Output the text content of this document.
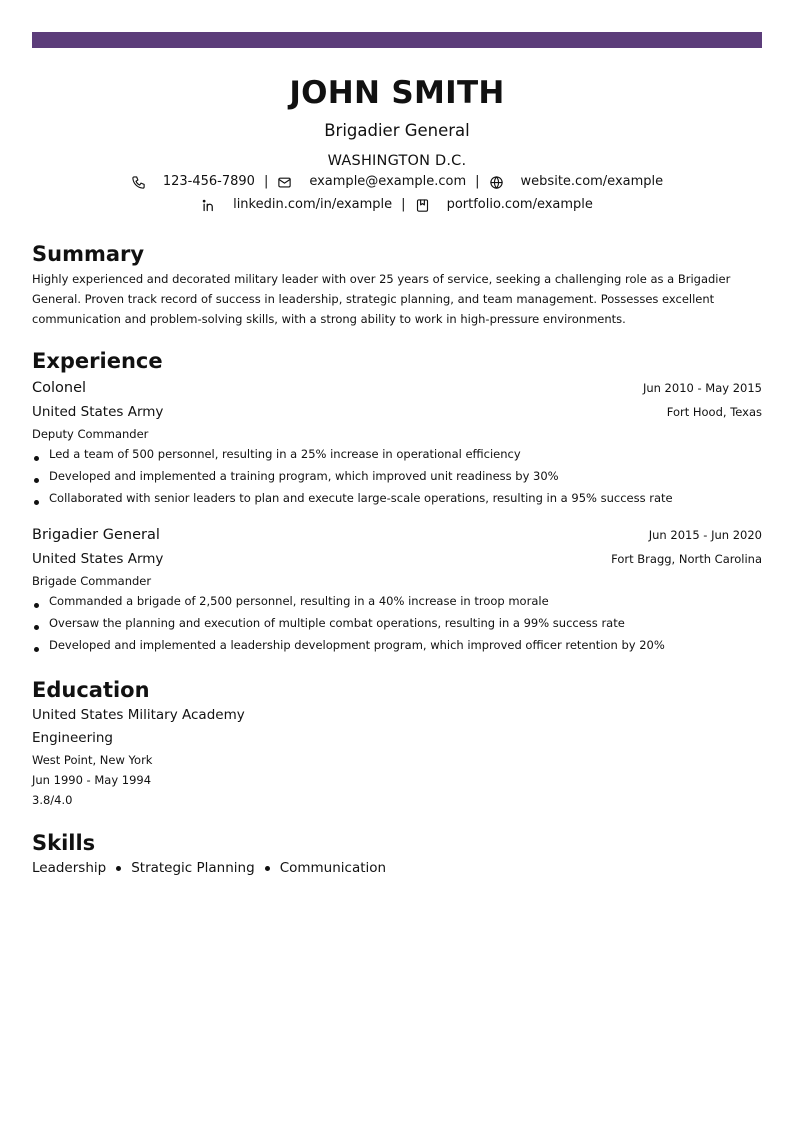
JOHN SMITH
Brigadier General
WASHINGTON D.C.
123-456-7890 |	example@example.com |	website.com/example
linkedin.com/in/example |	portfolio.com/example
Summary
Highly experienced and decorated military leader with over 25 years of service, seeking a challenging role as a Brigadier General. Proven track record of success in leadership, strategic planning, and team management. Possesses excellent communication and problem-solving skills, with a strong ability to work in high-pressure environments.
Experience
Colonel	Jun 2010 - May 2015
United States Army	Fort Hood, Texas
Deputy Commander
Led a team of 500 personnel, resulting in a 25% increase in operational efficiency
Developed and implemented a training program, which improved unit readiness by 30%
Collaborated with senior leaders to plan and execute large-scale operations, resulting in a 95% success rate
Brigadier General	Jun 2015 - Jun 2020
United States Army	Fort Bragg, North Carolina
Brigade Commander
Commanded a brigade of 2,500 personnel, resulting in a 40% increase in troop morale
Oversaw the planning and execution of multiple combat operations, resulting in a 99% success rate
Developed and implemented a leadership development program, which improved officer retention by 20%
Education
United States Military Academy
Engineering
West Point, New York
Jun 1990 - May 1994
3.8/4.0
Skills
Leadership Strategic Planning Communication
